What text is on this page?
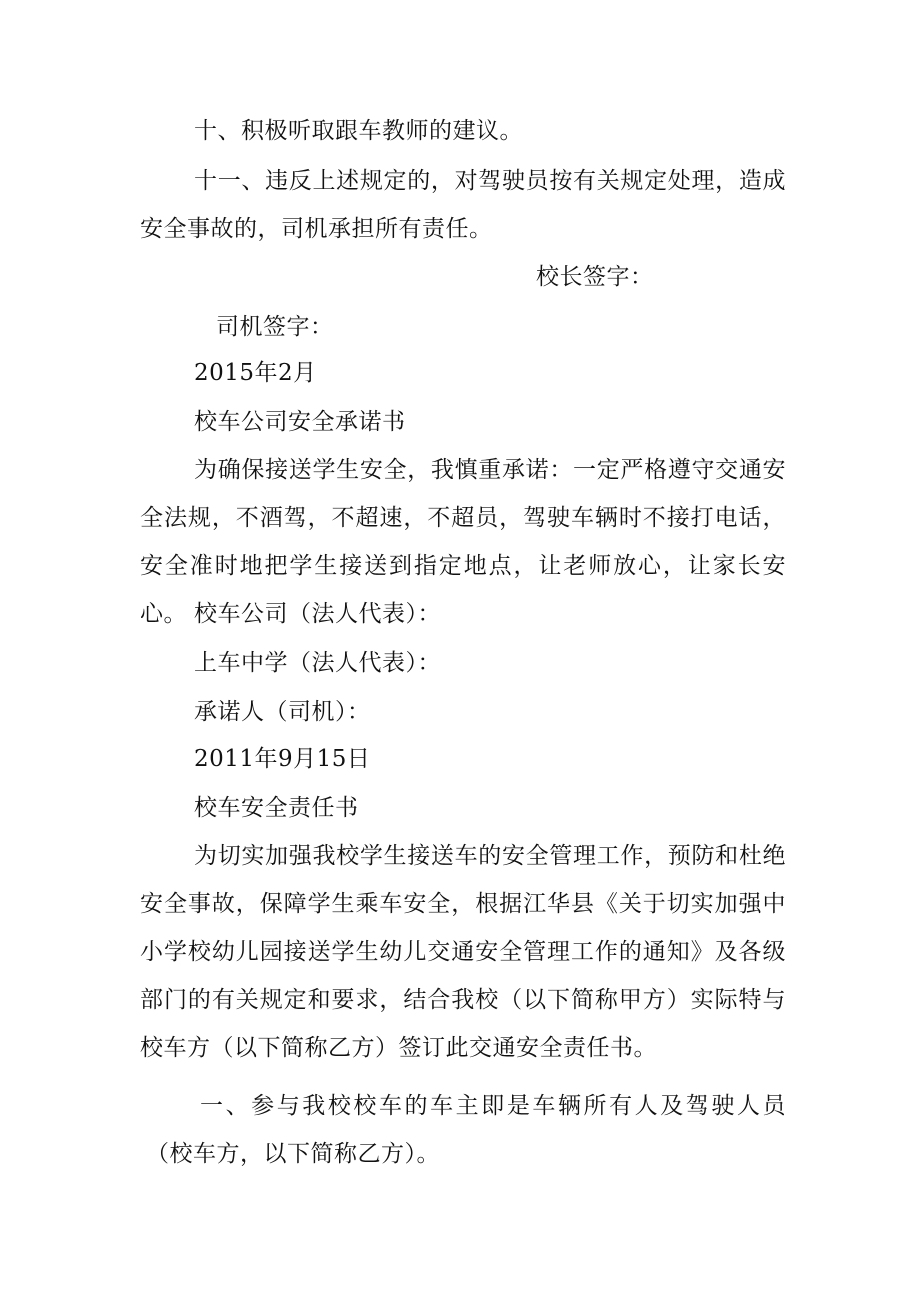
十、积极听取跟车教师的建议。
十一、违反上述规定的，对驾驶员按有关规定处理，造成安全事故的，司机承担所有责任。
校长签字：
司机签字：
2015年2月
校车公司安全承诺书
为确保接送学生安全，我慎重承诺：一定严格遵守交通安全法规，不酒驾，不超速，不超员，驾驶车辆时不接打电话，安全准时地把学生接送到指定地点，让老师放心，让家长安心。 校车公司（法人代表）：
上车中学（法人代表）：
承诺人（司机）：
2011年9月15日
校车安全责任书
为切实加强我校学生接送车的安全管理工作，预防和杜绝安全事故，保障学生乘车安全，根据江华县《关于切实加强中小学校幼儿园接送学生幼儿交通安全管理工作的通知》及各级部门的有关规定和要求，结合我校（以下简称甲方）实际特与校车方（以下简称乙方）签订此交通安全责任书。
一、参与我校校车的车主即是车辆所有人及驾驶人员（校车方，以下简称乙方）。
